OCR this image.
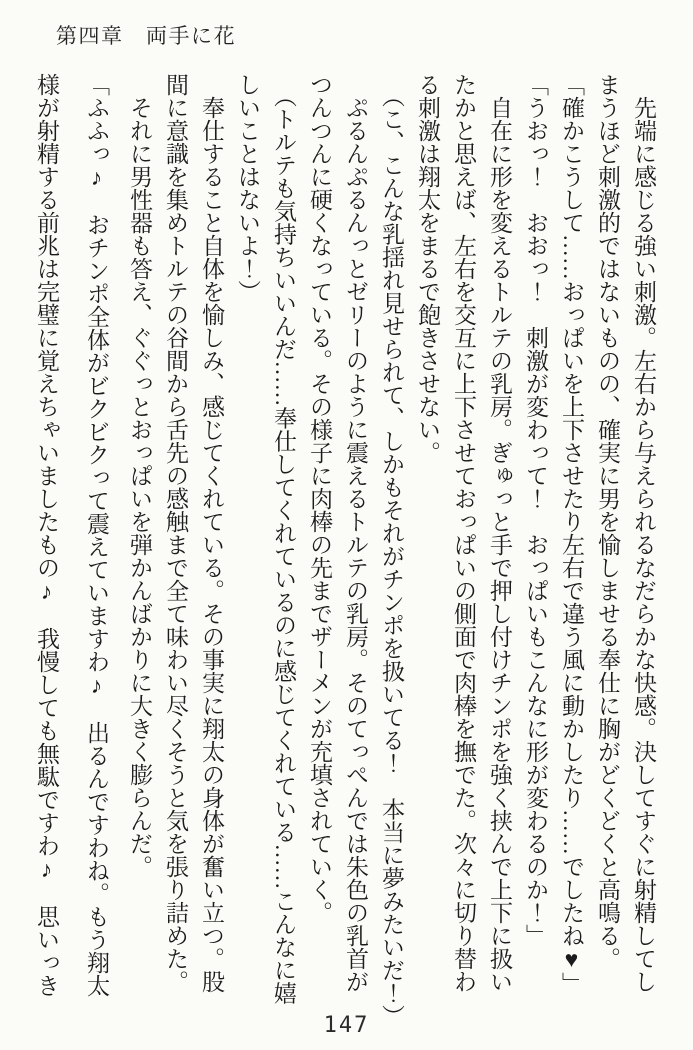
第四章　両手に花

　先端に感じる強い刺激。左右から与えられるなだらかな快感。決してすぐに射精してし

まうほど刺激的ではないものの、確実に男を愉しませる奉仕に胸がどくどくと高鳴る。

「確かこうして……おっぱいを上下させたり左右で違う風に動かしたり……でしたね♥」

「うおっ！　おおっ！　刺激が変わって！　おっぱいもこんなに形が変わるのか！」

　自在に形を変えるトルテの乳房。ぎゅっと手で押し付けチンポを強く挟んで上下に扱い

たかと思えば、左右を交互に上下させておっぱいの側面で肉棒を撫でた。次々に切り替わ

る刺激は翔太をまるで飽きさせない。

　（こ、こんな乳揺れ見せられて、しかもそれがチンポを扱いてる！　本当に夢みたいだ！）

　ぷるんぷるんっとゼリーのように震えるトルテの乳房。そのてっぺんでは朱色の乳首が

つんつんに硬くなっている。その様子に肉棒の先までザーメンが充填されていく。

　（トルテも気持ちいいんだ……奉仕してくれているのに感じてくれている……こんなに嬉

しいことはないよ！）

　奉仕すること自体を愉しみ、感じてくれている。その事実に翔太の身体が奮い立つ。股

間に意識を集めトルテの谷間から舌先の感触まで全て味わい尽くそうと気を張り詰めた。

　それに男性器も答え、ぐぐっとおっぱいを弾かんばかりに大きく膨らんだ。

「ふふっ♪　おチンポ全体がビクビクって震えていますわ♪　出るんですわね。もう翔太

様が射精する前兆は完璧に覚えちゃいましたもの♪　我慢しても無駄ですわ♪　思いっき

147
